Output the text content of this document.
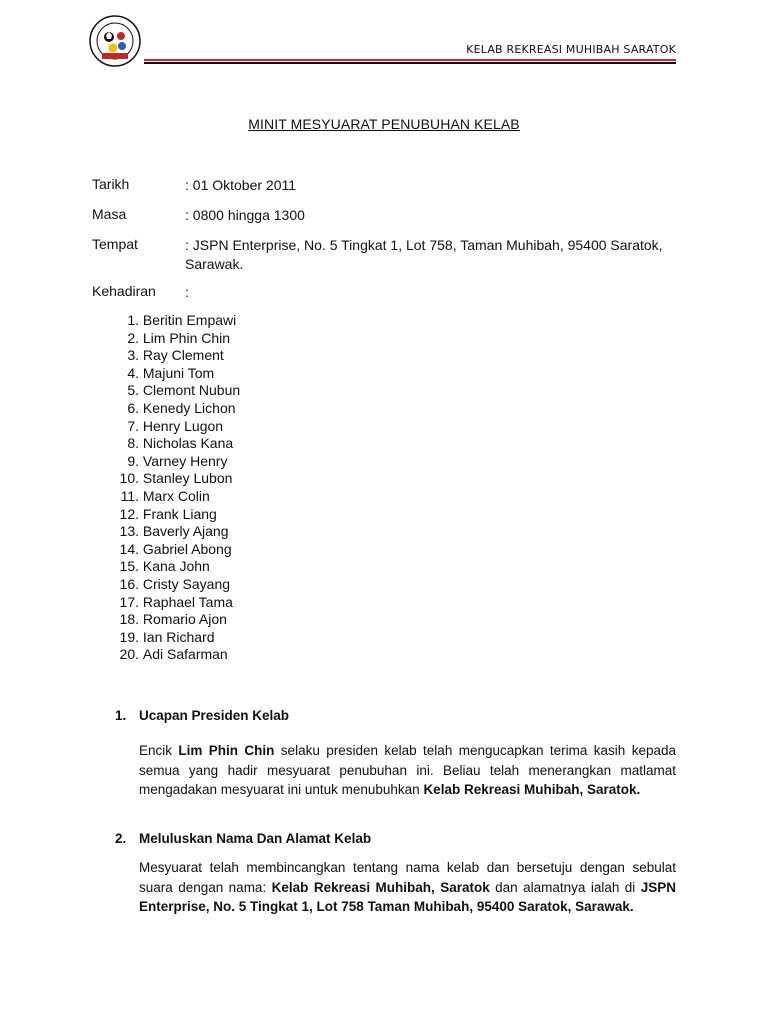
KELAB REKREASI MUHIBAH SARATOK
MINIT MESYUARAT PENUBUHAN KELAB
Tarikh	: 01 Oktober 2011
Masa	: 0800 hingga 1300
Tempat	: JSPN Enterprise, No. 5 Tingkat 1, Lot 758, Taman Muhibah, 95400 Saratok, Sarawak.
Kehadiran	:
1. Beritin Empawi
2. Lim Phin Chin
3. Ray Clement
4. Majuni Tom
5. Clemont Nubun
6. Kenedy Lichon
7. Henry Lugon
8. Nicholas Kana
9. Varney Henry
10. Stanley Lubon
11. Marx Colin
12. Frank Liang
13. Baverly Ajang
14. Gabriel Abong
15. Kana John
16. Cristy Sayang
17. Raphael Tama
18. Romario Ajon
19. Ian Richard
20. Adi Safarman
1. Ucapan Presiden Kelab

Encik Lim Phin Chin selaku presiden kelab telah mengucapkan terima kasih kepada semua yang hadir mesyuarat penubuhan ini. Beliau telah menerangkan matlamat mengadakan mesyuarat ini untuk menubuhkan Kelab Rekreasi Muhibah, Saratok.

2. Meluluskan Nama Dan Alamat Kelab

Mesyuarat telah membincangkan tentang nama kelab dan bersetuju dengan sebulat suara dengan nama: Kelab Rekreasi Muhibah, Saratok dan alamatnya ialah di JSPN Enterprise, No. 5 Tingkat 1, Lot 758 Taman Muhibah, 95400 Saratok, Sarawak.
